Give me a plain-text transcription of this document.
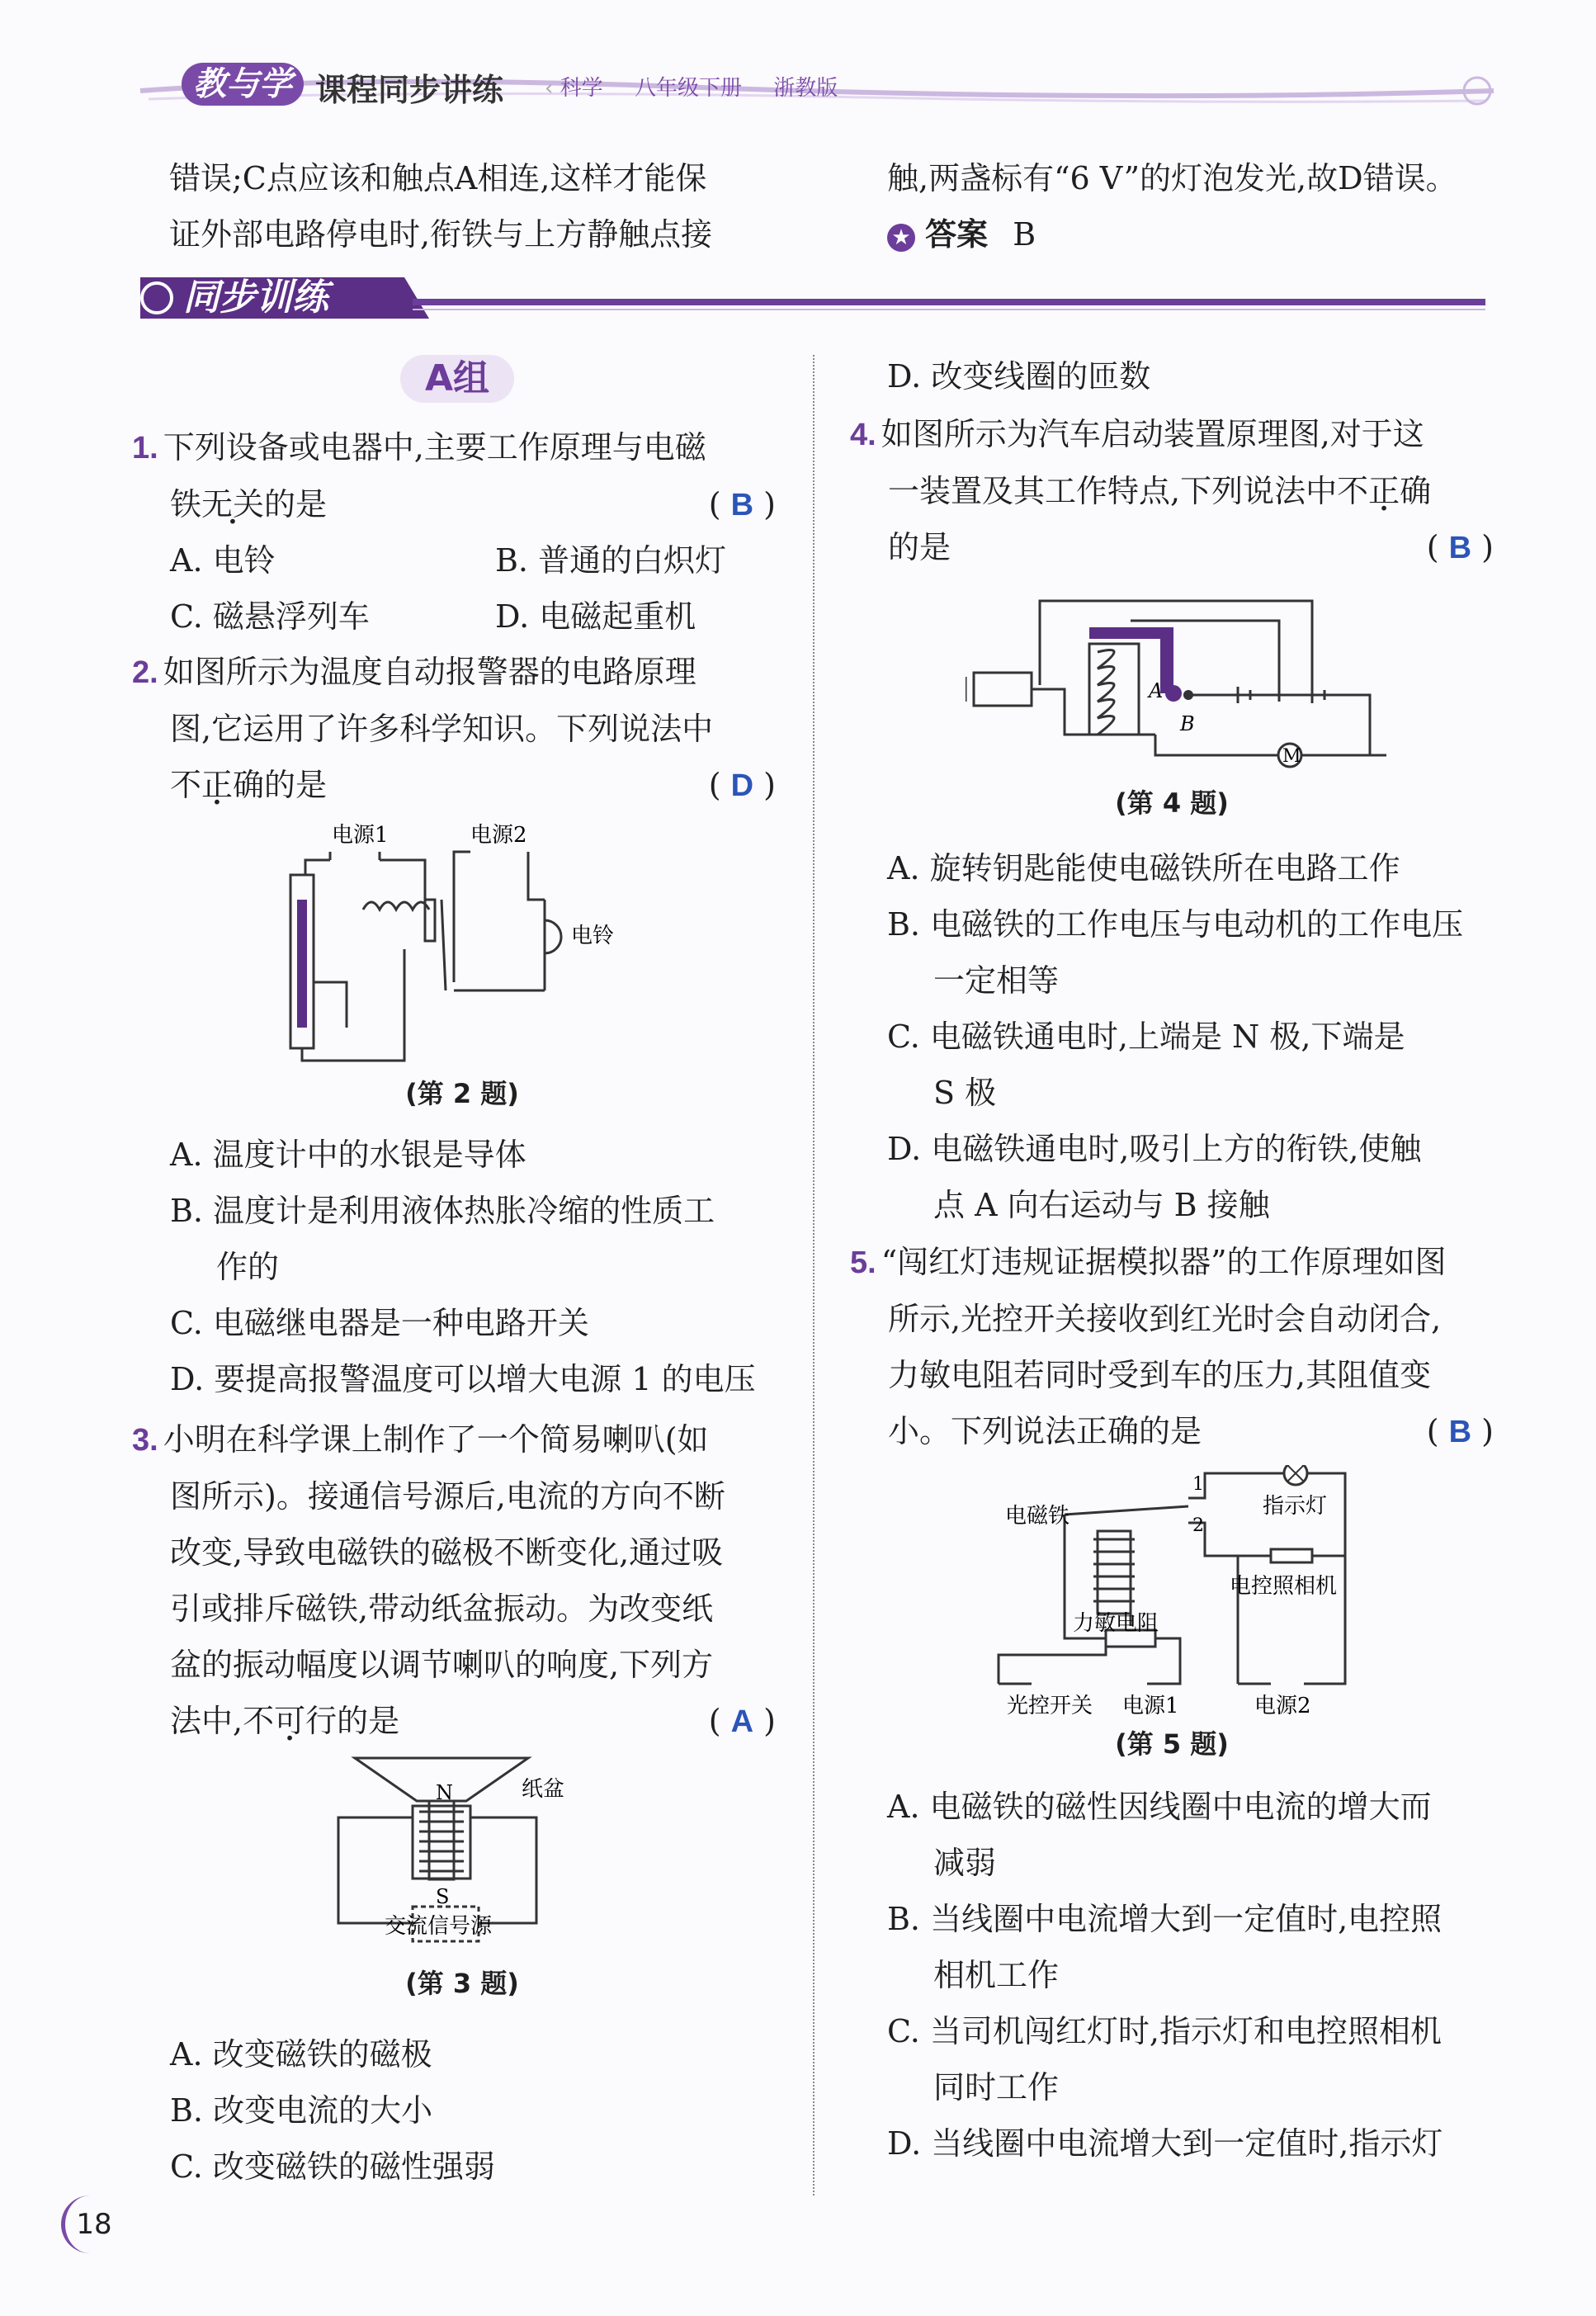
教与学 课程同步讲练 ‹ 科学 八年级下册 浙教版
错误;C点应该和触点A相连,这样才能保
证外部电路停电时,衔铁与上方静触点接
触,两盏标有“6 V”的灯泡发光,故D错误。
★ 答案 B
同步训练
A组
1. 下列设备或电器中,主要工作原理与电磁
铁无关的是	( B )
A. 电铃	B. 普通的白炽灯
C. 磁悬浮列车	D. 电磁起重机
2. 如图所示为温度自动报警器的电路原理
图,它运用了许多科学知识。下列说法中
不正确的是	( D )
电源1	电源2
电铃
(第 2 题)
A. 温度计中的水银是导体
B. 温度计是利用液体热胀冷缩的性质工
作的
C. 电磁继电器是一种电路开关
D. 要提高报警温度可以增大电源 1 的电压
3. 小明在科学课上制作了一个简易喇叭(如
图所示)。接通信号源后,电流的方向不断
改变,导致电磁铁的磁极不断变化,通过吸
引或排斥磁铁,带动纸盆振动。为改变纸
盆的振动幅度以调节喇叭的响度,下列方
法中,不可行的是	( A )
N
S
纸盆
交流信号源
(第 3 题)
A. 改变磁铁的磁极
B. 改变电流的大小
C. 改变磁铁的磁性强弱
D. 改变线圈的匝数
4. 如图所示为汽车启动装置原理图,对于这
一装置及其工作特点,下列说法中不正确
的是	( B )
A
B
M
(第 4 题)
A. 旋转钥匙能使电磁铁所在电路工作
B. 电磁铁的工作电压与电动机的工作电压
一定相等
C. 电磁铁通电时,上端是 N 极,下端是
S 极
D. 电磁铁通电时,吸引上方的衔铁,使触
点 A 向右运动与 B 接触
5. “闯红灯违规证据模拟器”的工作原理如图
所示,光控开关接收到红光时会自动闭合,
力敏电阻若同时受到车的压力,其阻值变
小。下列说法正确的是	( B )
电磁铁
1
2
指示灯
电控照相机
力敏电阻
光控开关 电源1	电源2
(第 5 题)
A. 电磁铁的磁性因线圈中电流的增大而
减弱
B. 当线圈中电流增大到一定值时,电控照
相机工作
C. 当司机闯红灯时,指示灯和电控照相机
同时工作
D. 当线圈中电流增大到一定值时,指示灯
18
